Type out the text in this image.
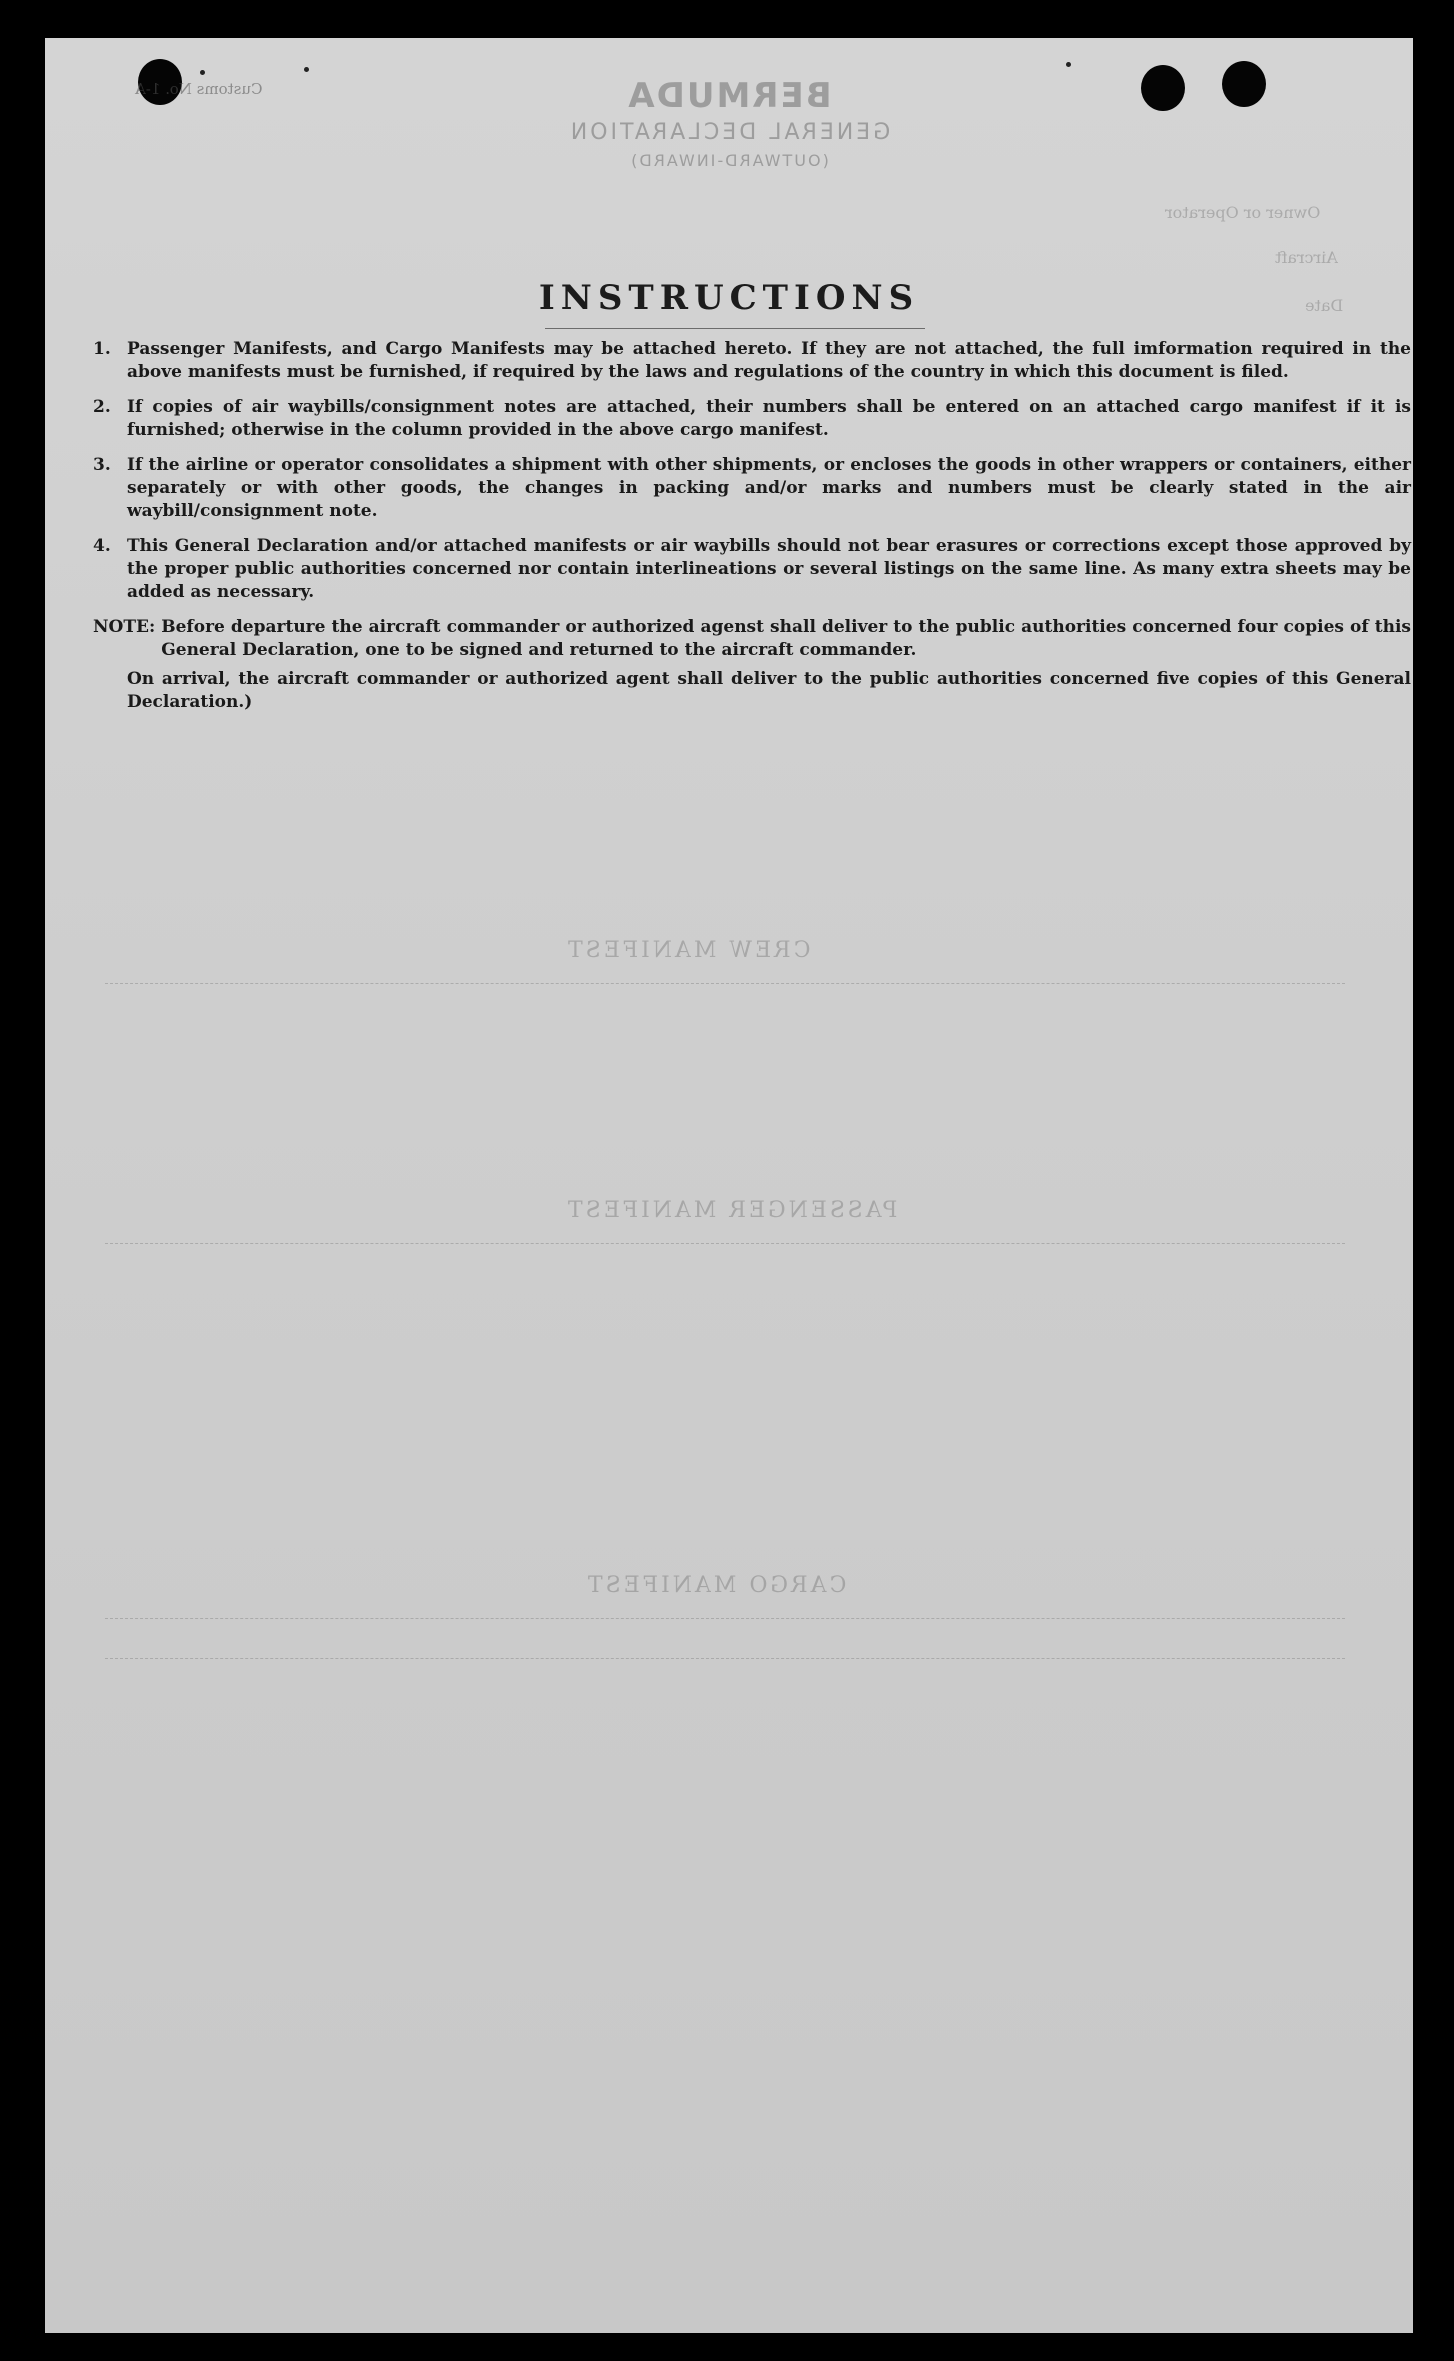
Customs No. 1-A	BERMUDA
GENERAL DECLARATION
(OUTWARD-INWARD)
Owner or Operator
Aircraft
Date
CREW MANIFEST
PASSENGER MANIFEST
CARGO MANIFEST
INSTRUCTIONS
1. Passenger Manifests, and Cargo Manifests may be attached hereto. If they are not attached, the full imformation required in the above manifests must be furnished, if required by the laws and regulations of the country in which this document is filed.
2. If copies of air waybills/consignment notes are attached, their numbers shall be entered on an attached cargo manifest if it is furnished; otherwise in the column provided in the above cargo manifest.
3. If the airline or operator consolidates a shipment with other shipments, or encloses the goods in other wrappers or containers, either separately or with other goods, the changes in packing and/or marks and numbers must be clearly stated in the air waybill/consignment note.
4. This General Declaration and/or attached manifests or air waybills should not bear erasures or corrections except those approved by the proper public authorities concerned nor contain interlineations or several listings on the same line. As many extra sheets may be added as necessary.
NOTE: Before departure the aircraft commander or authorized agenst shall deliver to the public authorities concerned four copies of this General Declaration, one to be signed and returned to the aircraft commander.
On arrival, the aircraft commander or authorized agent shall deliver to the public authorities concerned five copies of this General Declaration.)
